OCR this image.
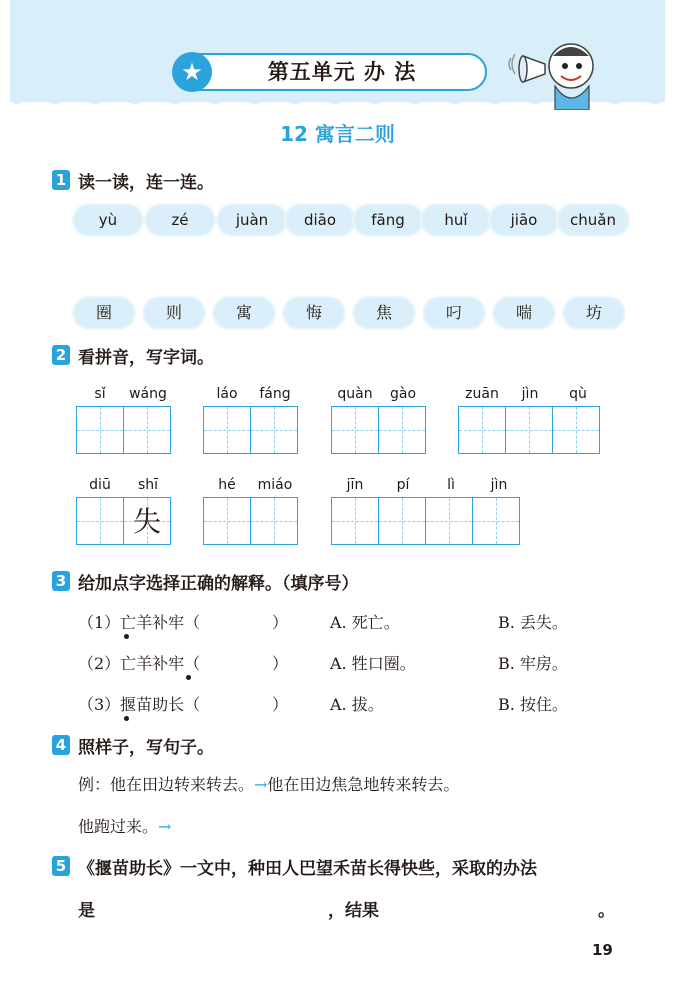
★	第五单元 办 法
12 寓言二则
1 读一读，连一连。
yù	zé	juàn	diāo	fāng	huǐ	jiāo	chuǎn
圈	则	寓	悔	焦	叼	喘	坊
2 看拼音，写字词。
sǐ	wáng	láo	fáng	quàn	gào	zuān	jìn	qù
diū	shī	hé	miáo	jīn	pí	lì	jìn
失
3 给加点字选择正确的解释。（填序号）
（1）亡羊补牢（	）	A. 死亡。	B. 丢失。
（2）亡羊补牢（	）	A. 牲口圈。	B. 牢房。
（3）揠苗助长（	）	A. 拔。	B. 按住。
4 照样子，写句子。
例：他在田边转来转去。→他在田边焦急地转来转去。
他跑过来。→
5 《揠苗助长》一文中，种田人巴望禾苗长得快些，采取的办法
是	，结果	。
19
